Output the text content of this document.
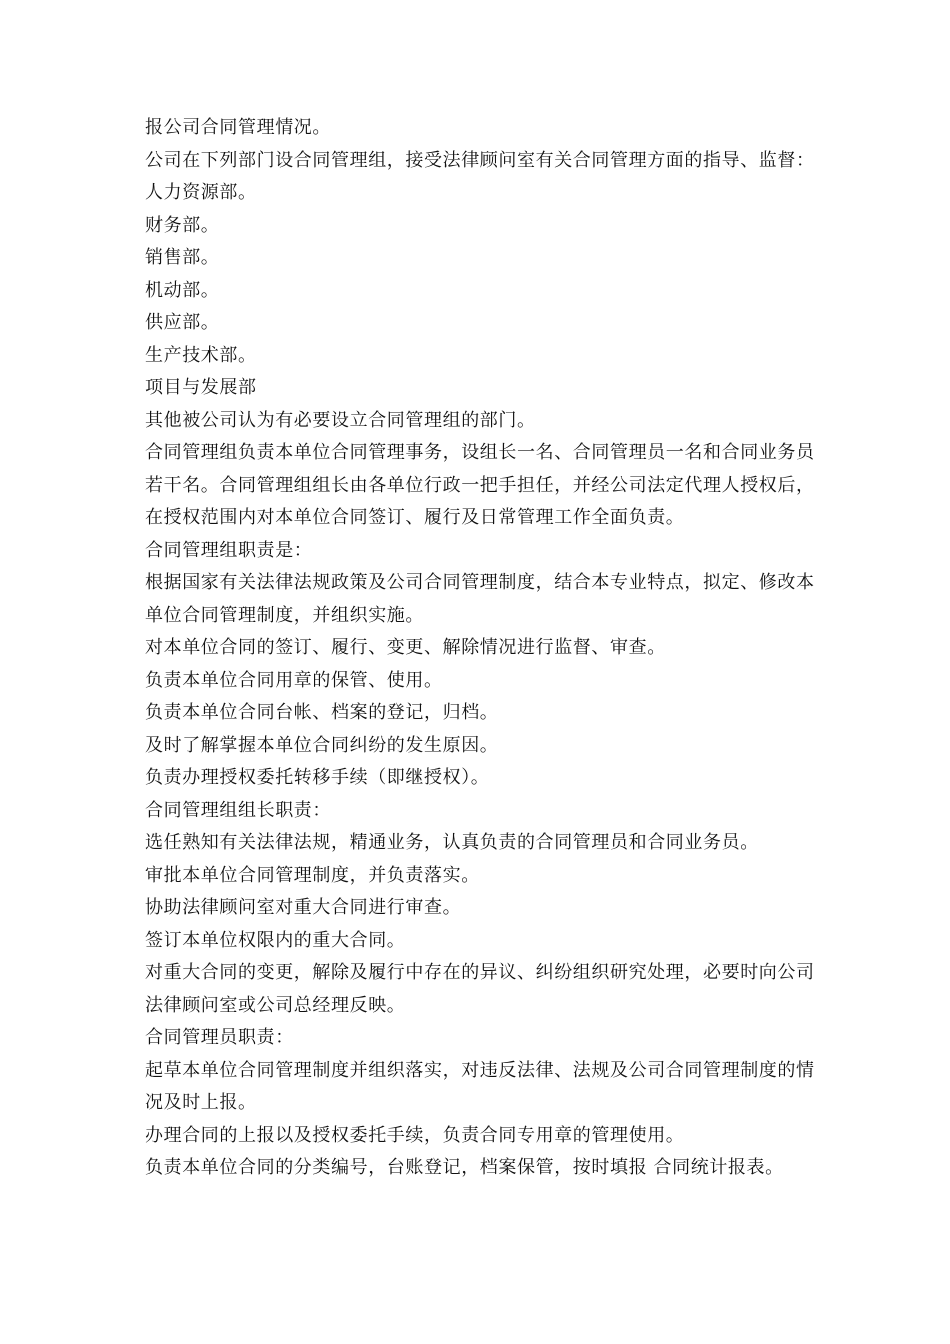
报公司合同管理情况。

公司在下列部门设合同管理组，接受法律顾问室有关合同管理方面的指导、监督：

人力资源部。

财务部。

销售部。

机动部。

供应部。

生产技术部。

项目与发展部

其他被公司认为有必要设立合同管理组的部门。

合同管理组负责本单位合同管理事务，设组长一名、合同管理员一名和合同业务员若干名。合同管理组组长由各单位行政一把手担任，并经公司法定代理人授权后，在授权范围内对本单位合同签订、履行及日常管理工作全面负责。

合同管理组职责是：

根据国家有关法律法规政策及公司合同管理制度，结合本专业特点，拟定、修改本单位合同管理制度，并组织实施。

对本单位合同的签订、履行、变更、解除情况进行监督、审查。

负责本单位合同用章的保管、使用。

负责本单位合同台帐、档案的登记，归档。

及时了解掌握本单位合同纠纷的发生原因。

负责办理授权委托转移手续（即继授权）。

合同管理组组长职责：

选任熟知有关法律法规，精通业务，认真负责的合同管理员和合同业务员。

审批本单位合同管理制度，并负责落实。

协助法律顾问室对重大合同进行审查。

签订本单位权限内的重大合同。

对重大合同的变更，解除及履行中存在的异议、纠纷组织研究处理，必要时向公司法律顾问室或公司总经理反映。

合同管理员职责：

起草本单位合同管理制度并组织落实，对违反法律、法规及公司合同管理制度的情况及时上报。

办理合同的上报以及授权委托手续，负责合同专用章的管理使用。

负责本单位合同的分类编号，台账登记，档案保管，按时填报 合同统计报表。
